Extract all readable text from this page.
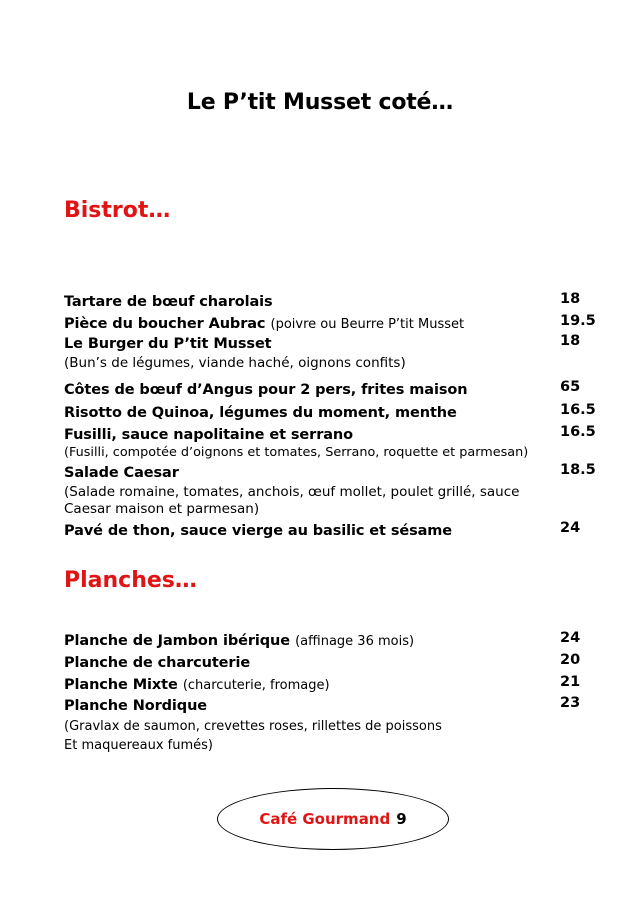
Le P’tit Musset coté…
Bistrot…
Tartare de bœuf charolais	18
Pièce du boucher Aubrac (poivre ou Beurre P’tit Musset	19.5
Le Burger du P’tit Musset	18
(Bun’s de légumes, viande haché, oignons confits)
Côtes de bœuf d’Angus pour 2 pers, frites maison	65
Risotto de Quinoa, légumes du moment, menthe	16.5
Fusilli, sauce napolitaine et serrano	16.5
(Fusilli, compotée d’oignons et tomates, Serrano, roquette et parmesan)
Salade Caesar	18.5
(Salade romaine, tomates, anchois, œuf mollet, poulet grillé, sauce
Caesar maison et parmesan)
Pavé de thon, sauce vierge au basilic et sésame	24
Planches…
Planche de Jambon ibérique (affinage 36 mois)	24
Planche de charcuterie	20
Planche Mixte (charcuterie, fromage)	21
Planche Nordique	23
(Gravlax de saumon, crevettes roses, rillettes de poissons
Et maquereaux fumés)
Café Gourmand 9
